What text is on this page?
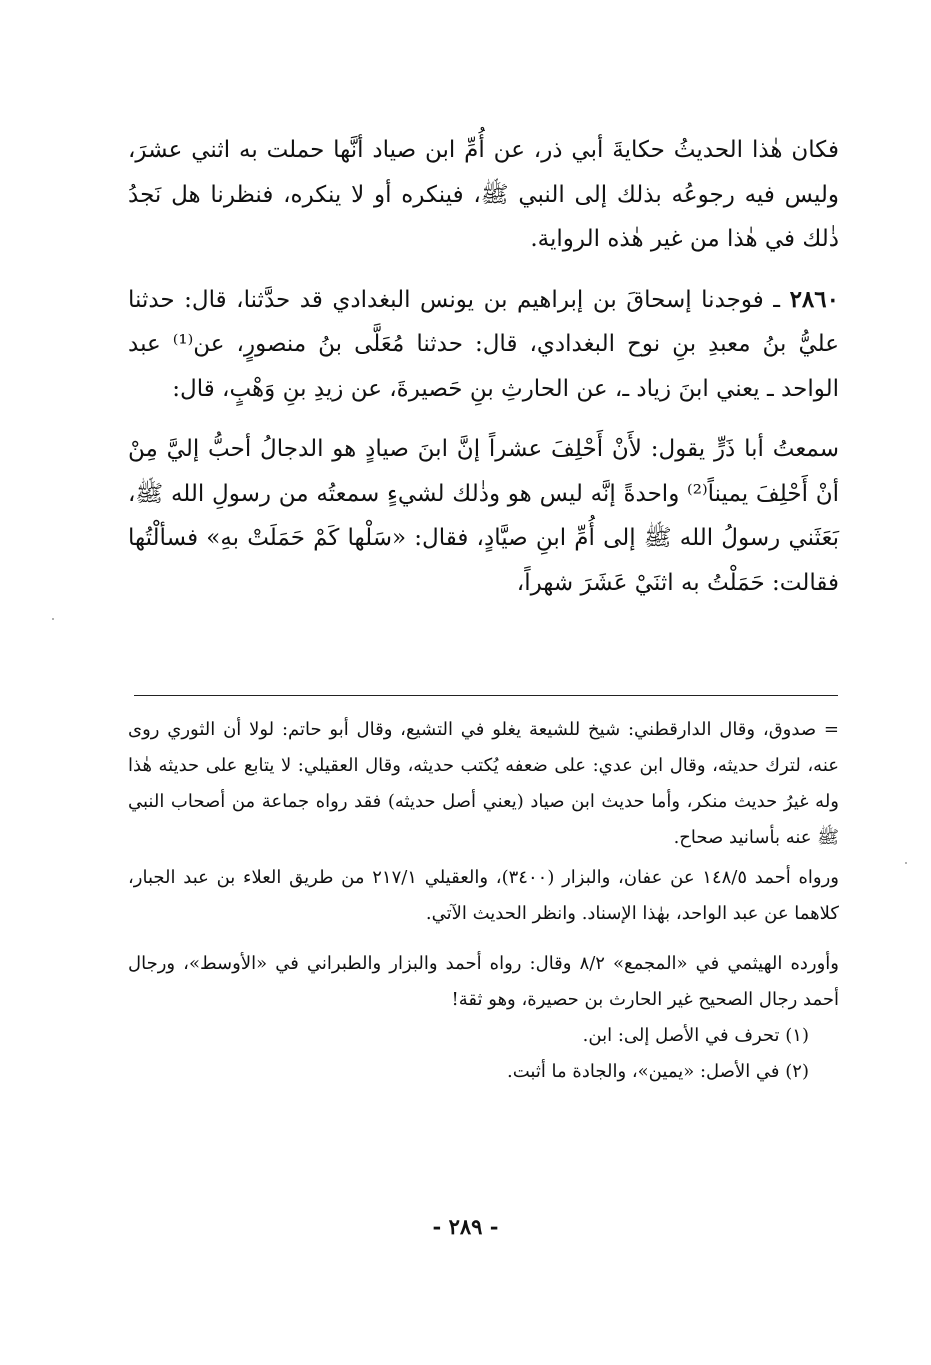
فكان هٰذا الحديثُ حكايةَ أبي ذر، عن أُمِّ ابن صياد أنَّها حملت به اثني عشرَ، وليس فيه رجوعُه بذلك إلى النبي ﷺ، فينكره أو لا ينكره، فنظرنا هل نَجدُ ذٰلك في هٰذا من غير هٰذه الرواية.

٢٨٦٠ ـ فوجدنا إسحاقَ بن إبراهيم بن يونس البغدادي قد حدَّثنا، قال: حدثنا عليُّ بنُ معبدِ بنِ نوح البغدادي، قال: حدثنا مُعَلَّى بنُ منصورٍ، عن⁽¹⁾ عبد الواحد ـ يعني ابنَ زياد ـ، عن الحارثِ بنِ حَصيرةَ، عن زيدِ بنِ وَهْبٍ، قال:

سمعتُ أبا ذَرٍّ يقول: لأَنْ أَحْلِفَ عشراً إنَّ ابنَ صيادٍ هو الدجالُ أحبُّ إليَّ مِنْ أنْ أَحْلِفَ يميناً⁽²⁾ واحدةً إنَّه ليس هو وذٰلك لشيءٍ سمعتُه من رسولِ الله ﷺ، بَعَثَني رسولُ الله ﷺ إلى أُمِّ ابنِ صيَّادٍ، فقال: «سَلْها كَمْ حَمَلَتْ بهِ» فسألْتُها فقالت: حَمَلْتُ به اثنَيْ عَشَرَ شهراً،

= صدوق، وقال الدارقطني: شيخ للشيعة يغلو في التشيع، وقال أبو حاتم: لولا أن الثوري روى عنه، لترك حديثه، وقال ابن عدي: على ضعفه يُكتب حديثه، وقال العقيلي: لا يتابع على حديثه هٰذا وله غيرُ حديث منكر، وأما حديث ابن صياد (يعني أصل حديثه) فقد رواه جماعة من أصحاب النبي ﷺ عنه بأسانيد صحاح.

ورواه أحمد ١٤٨/٥ عن عفان، والبزار (٣٤٠٠)، والعقيلي ٢١٧/١ من طريق العلاء بن عبد الجبار، كلاهما عن عبد الواحد، بهٰذا الإسناد. وانظر الحديث الآتي.

وأورده الهيثمي في «المجمع» ٨/٢ وقال: رواه أحمد والبزار والطبراني في «الأوسط»، ورجال أحمد رجال الصحيح غير الحارث بن حصيرة، وهو ثقة!

(١) تحرف في الأصل إلى: ابن.

(٢) في الأصل: «يمين»، والجادة ما أثبت.

- ٢٨٩ -
